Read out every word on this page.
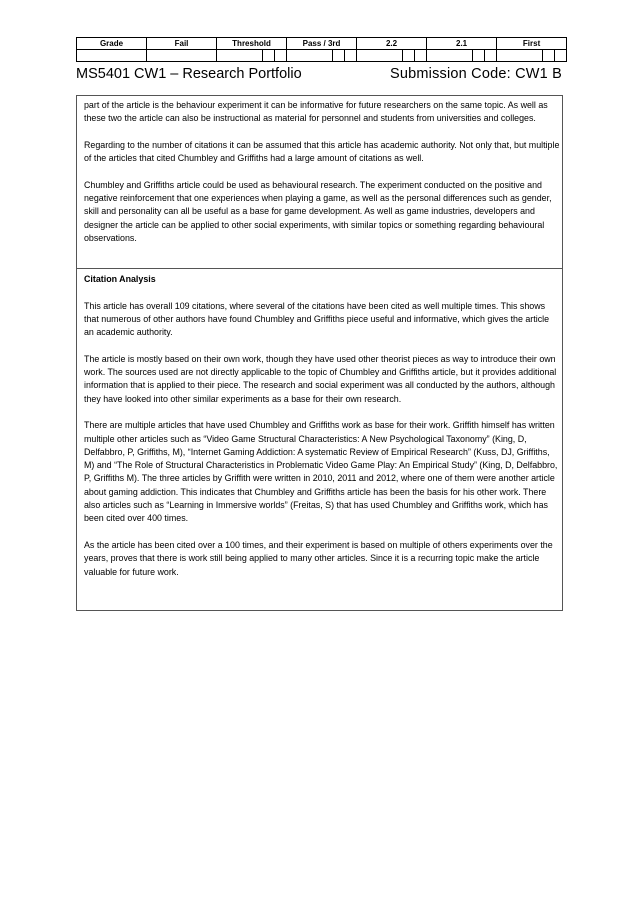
Grade	Fail	Threshold			Pass / 3rd			2.2			2.1			First		

MS5401 CW1 – Research Portfolio	Submission Code: CW1 B

part of the article is the behaviour experiment it can be informative for future researchers on the same topic. As well as these two the article can also be instructional as material for personnel and students from universities and colleges.

Regarding to the number of citations it can be assumed that this article has academic authority. Not only that, but multiple of the articles that cited Chumbley and Griffiths had a large amount of citations as well.

Chumbley and Griffiths article could be used as behavioural research. The experiment conducted on the positive and negative reinforcement that one experiences when playing a game, as well as the personal differences such as gender, skill and personality can all be useful as a base for game development. As well as game industries, developers and designer the article can be applied to other social experiments, with similar topics or something regarding behavioural observations.

Citation Analysis

This article has overall 109 citations, where several of the citations have been cited as well multiple times. This shows that numerous of other authors have found Chumbley and Griffiths piece useful and informative, which gives the article an academic authority.

The article is mostly based on their own work, though they have used other theorist pieces as way to introduce their own work. The sources used are not directly applicable to the topic of Chumbley and Griffiths article, but it provides additional information that is applied to their piece. The research and social experiment was all conducted by the authors, although they have looked into other similar experiments as a base for their own research.

There are multiple articles that have used Chumbley and Griffiths work as base for their work. Griffith himself has written multiple other articles such as “Video Game Structural Characteristics: A New Psychological Taxonomy” (King, D, Delfabbro, P, Griffiths, M), “Internet Gaming Addiction: A systematic Review of Empirical Research” (Kuss, DJ, Griffiths, M) and “The Role of Structural Characteristics in Problematic Video Game Play: An Empirical Study” (King, D, Delfabbro, P, Griffiths M). The three articles by Griffith were written in 2010, 2011 and 2012, where one of them were another article about gaming addiction. This indicates that Chumbley and Griffiths article has been the basis for his other work. There also articles such as “Learning in Immersive worlds” (Freitas, S) that has used Chumbley and Griffiths work, which has been cited over 400 times.

As the article has been cited over a 100 times, and their experiment is based on multiple of others experiments over the years, proves that there is work still being applied to many other articles. Since it is a recurring topic make the article valuable for future work.
